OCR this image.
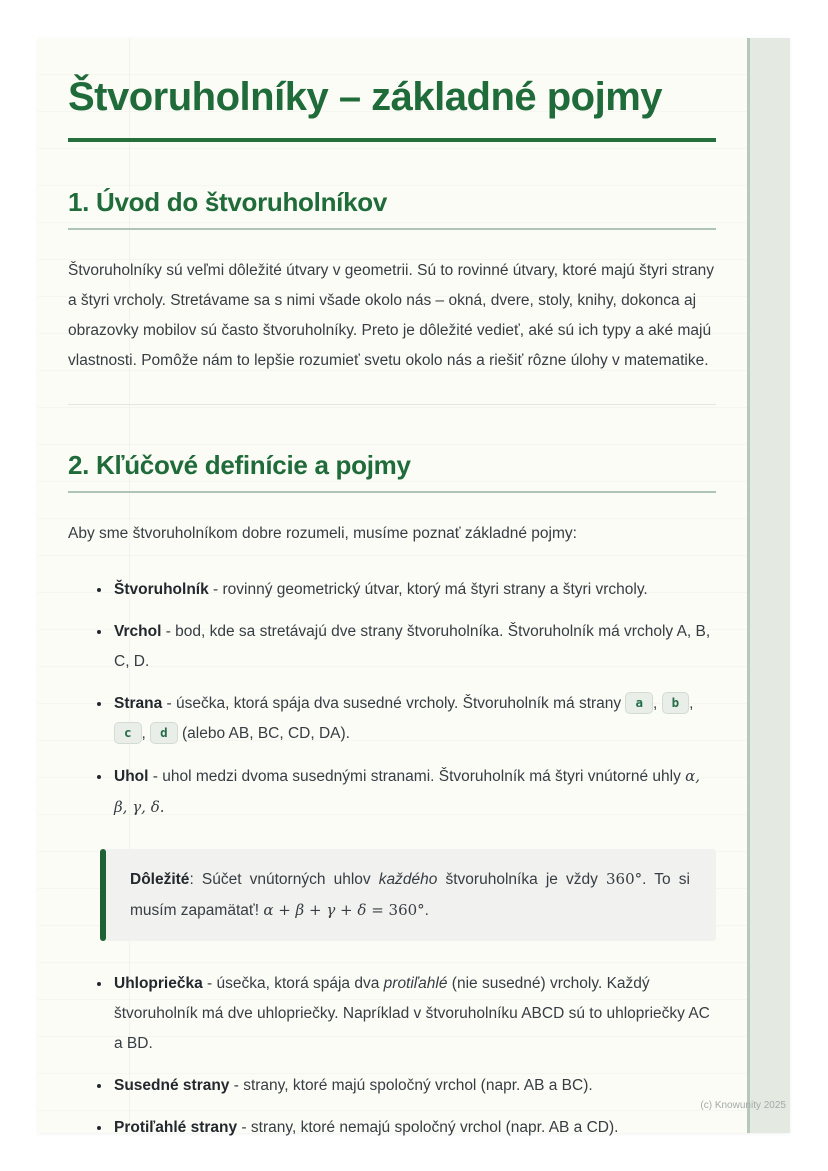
Štvoruholníky – základné pojmy
1. Úvod do štvoruholníkov

Štvoruholníky sú veľmi dôležité útvary v geometrii. Sú to rovinné útvary, ktoré majú štyri strany a štyri vrcholy. Stretávame sa s nimi všade okolo nás – okná, dvere, stoly, knihy, dokonca aj obrazovky mobilov sú často štvoruholníky. Preto je dôležité vedieť, aké sú ich typy a aké majú vlastnosti. Pomôže nám to lepšie rozumieť svetu okolo nás a riešiť rôzne úlohy v matematike.

2. Kľúčové definície a pojmy

Aby sme štvoruholníkom dobre rozumeli, musíme poznať základné pojmy:

• Štvoruholník - rovinný geometrický útvar, ktorý má štyri strany a štyri vrcholy.
• Vrchol - bod, kde sa stretávajú dve strany štvoruholníka. Štvoruholník má vrcholy A, B, C, D.
• Strana - úsečka, ktorá spája dva susedné vrcholy. Štvoruholník má strany a , b , c , d (alebo AB, BC, CD, DA).
• Uhol - uhol medzi dvoma susednými stranami. Štvoruholník má štyri vnútorné uhly α, β, γ, δ.

Dôležité: Súčet vnútorných uhlov každého štvoruholníka je vždy 360°. To si musím zapamätať! α + β + γ + δ = 360°.

• Uhlopriečka - úsečka, ktorá spája dva protiľahlé (nie susedné) vrcholy. Každý štvoruholník má dve uhlopriečky. Napríklad v štvoruholníku ABCD sú to uhlopriečky AC a BD.
• Susedné strany - strany, ktoré majú spoločný vrchol (napr. AB a BC).
• Protiľahlé strany - strany, ktoré nemajú spoločný vrchol (napr. AB a CD).
(c) Knowunity 2025
